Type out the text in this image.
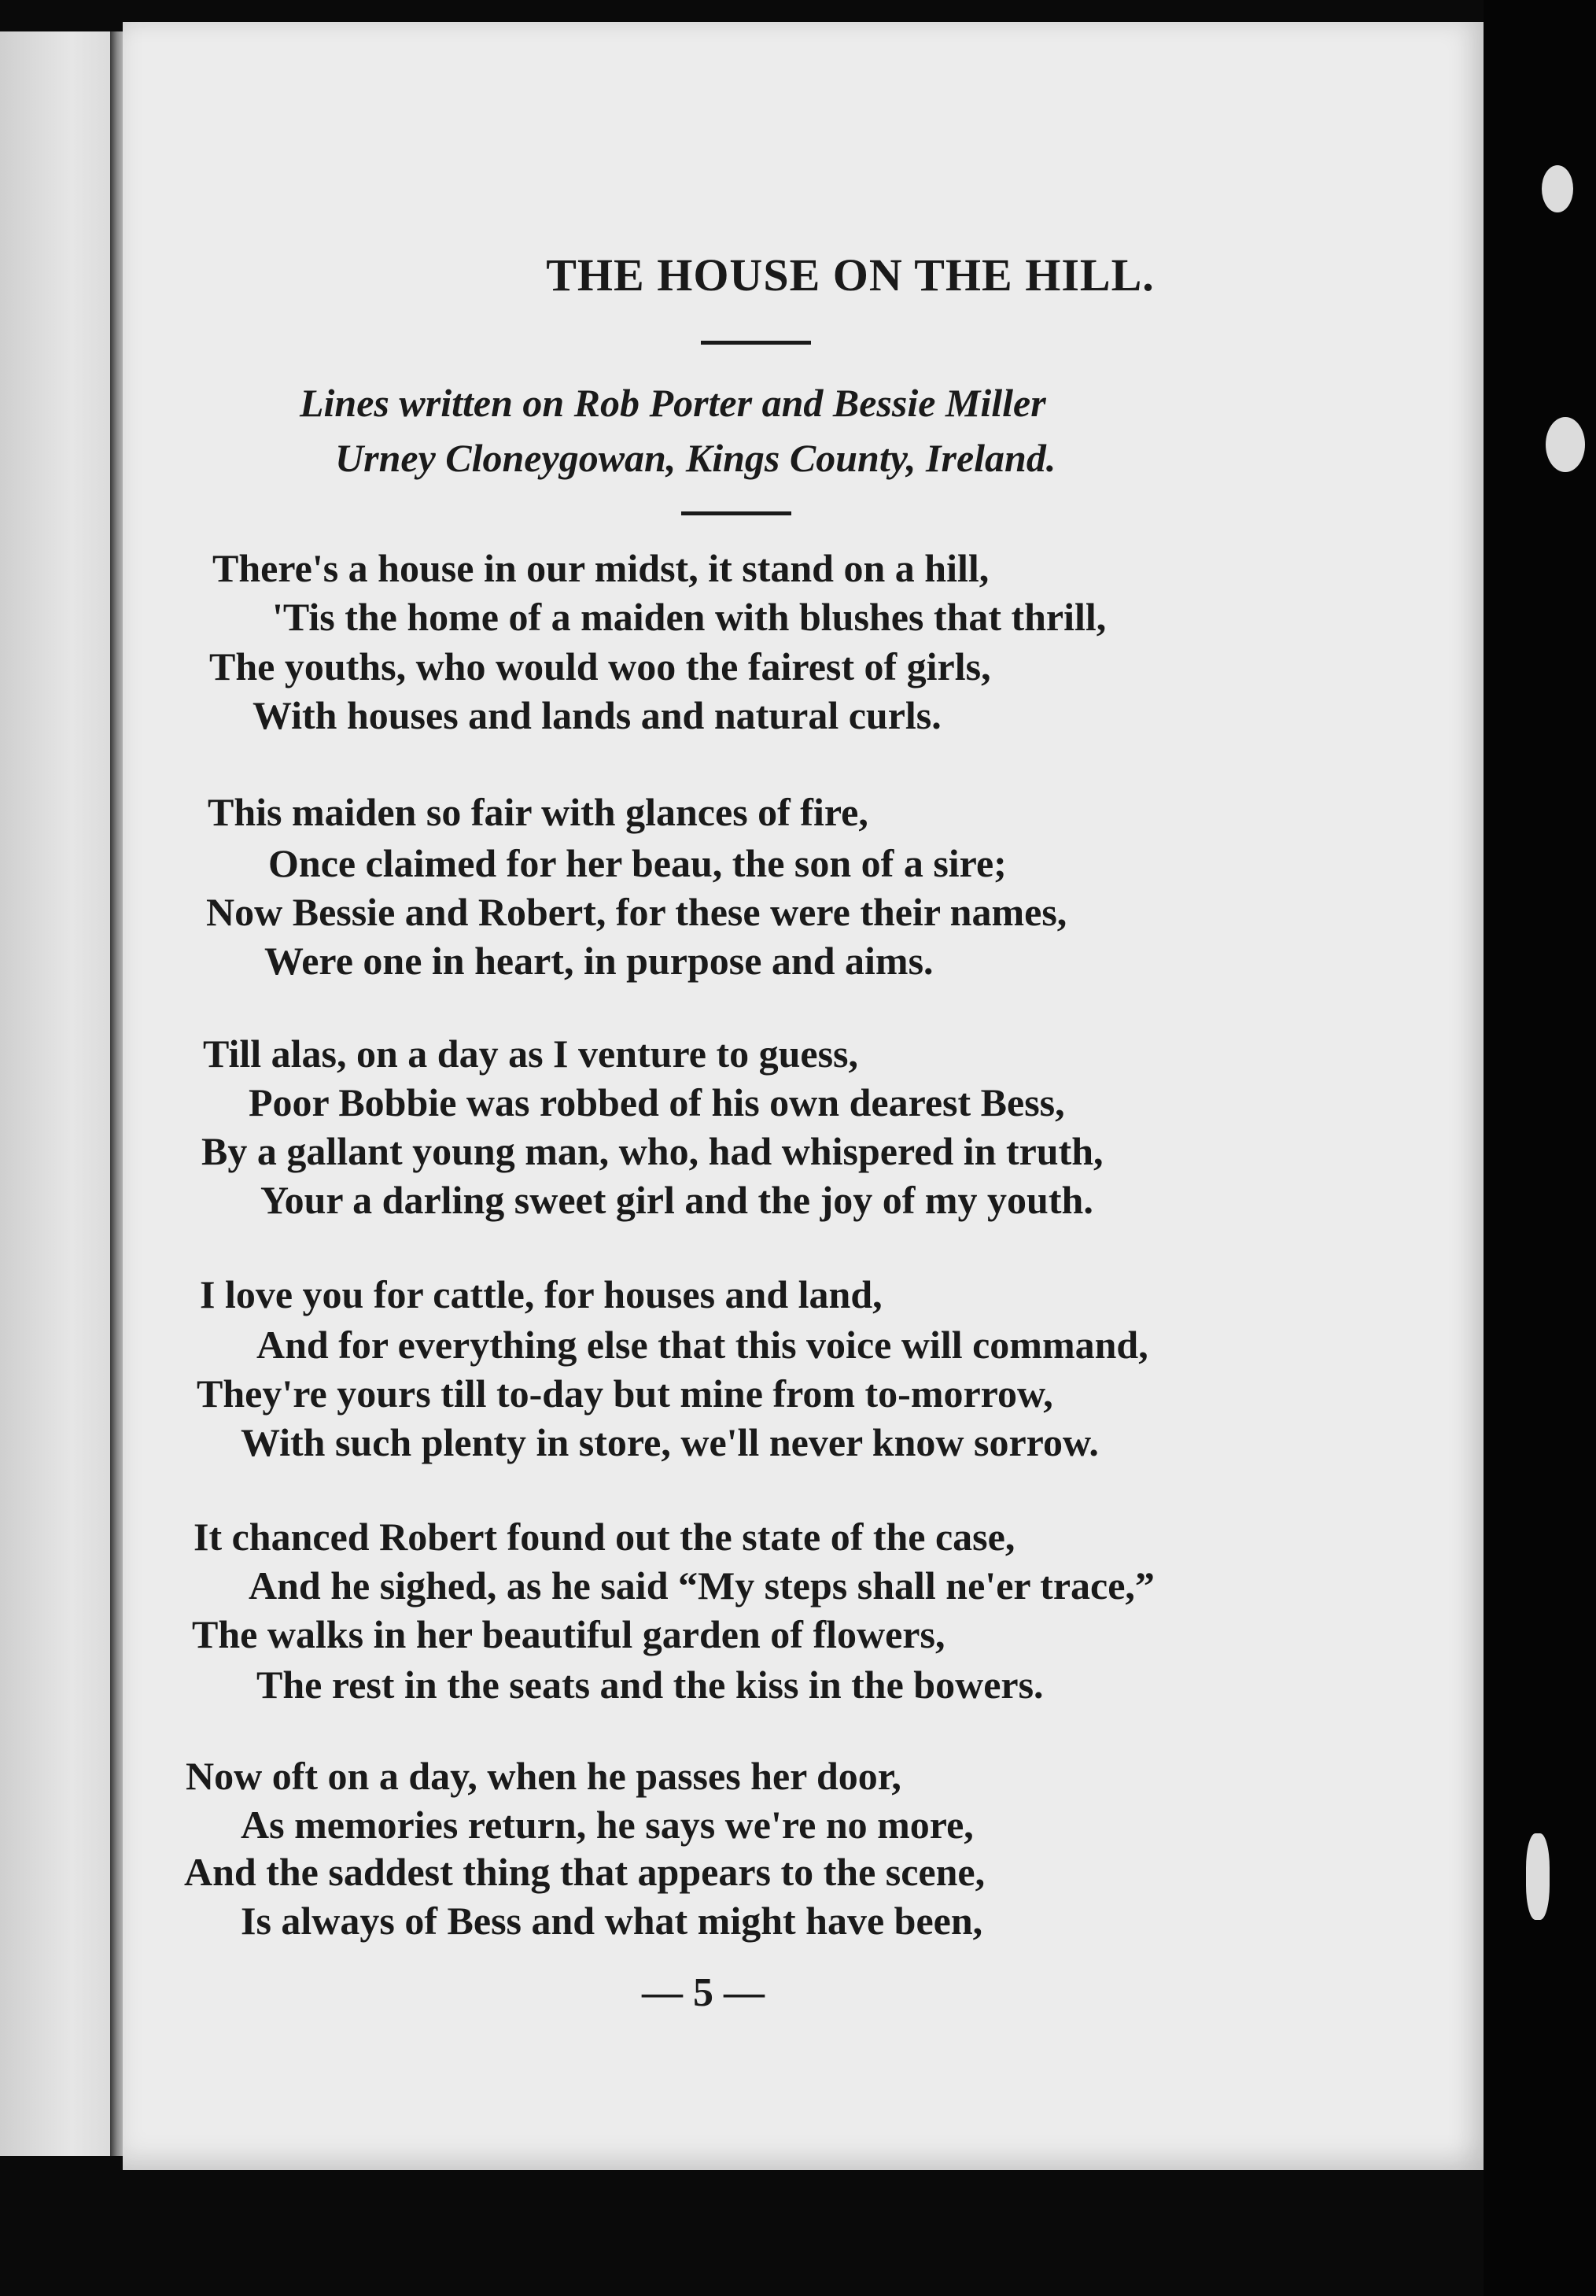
THE HOUSE ON THE HILL.
Lines written on Rob Porter and Bessie Miller
Urney Cloneygowan, Kings County, Ireland.
There's a house in our midst, it stand on a hill,
'Tis the home of a maiden with blushes that thrill,
The youths, who would woo the fairest of girls,
With houses and lands and natural curls.
This maiden so fair with glances of fire,
Once claimed for her beau, the son of a sire;
Now Bessie and Robert, for these were their names,
Were one in heart, in purpose and aims.
Till alas, on a day as I venture to guess,
Poor Bobbie was robbed of his own dearest Bess,
By a gallant young man, who, had whispered in truth,
Your a darling sweet girl and the joy of my youth.
I love you for cattle, for houses and land,
And for everything else that this voice will command,
They're yours till to-day but mine from to-morrow,
With such plenty in store, we'll never know sorrow.
It chanced Robert found out the state of the case,
And he sighed, as he said “My steps shall ne'er trace,”
The walks in her beautiful garden of flowers,
The rest in the seats and the kiss in the bowers.
Now oft on a day, when he passes her door,
As memories return, he says we're no more,
And the saddest thing that appears to the scene,
Is always of Bess and what might have been,
— 5 —
